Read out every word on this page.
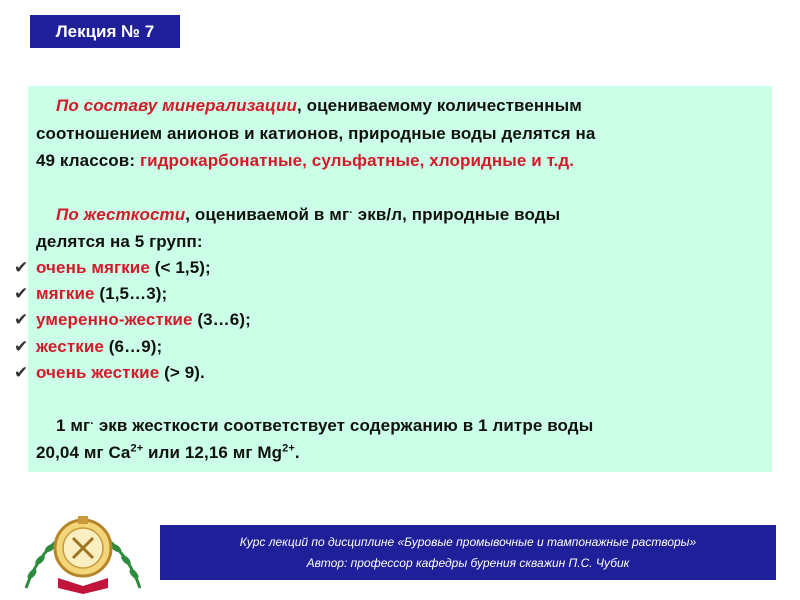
Лекция № 7
По составу минерализации, оцениваемому количественным
соотношением анионов и катионов, природные воды делятся на
49 классов: гидрокарбонатные, сульфатные, хлоридные и т.д.
По жесткости, оцениваемой в мг· экв/л, природные воды
делятся на 5 групп:
✔ очень мягкие (< 1,5);
✔ мягкие (1,5…3);
✔ умеренно-жесткие (3…6);
✔ жесткие (6…9);
✔ очень жесткие (> 9).
1 мг· экв жесткости соответствует содержанию в 1 литре воды
20,04 мг $Ca^{2+}$ или 12,16 мг $Mg^{2+}$.
Курс лекций по дисциплине «Буровые промывочные и тампонажные растворы»
Автор: профессор кафедры бурения скважин П.С. Чубик
